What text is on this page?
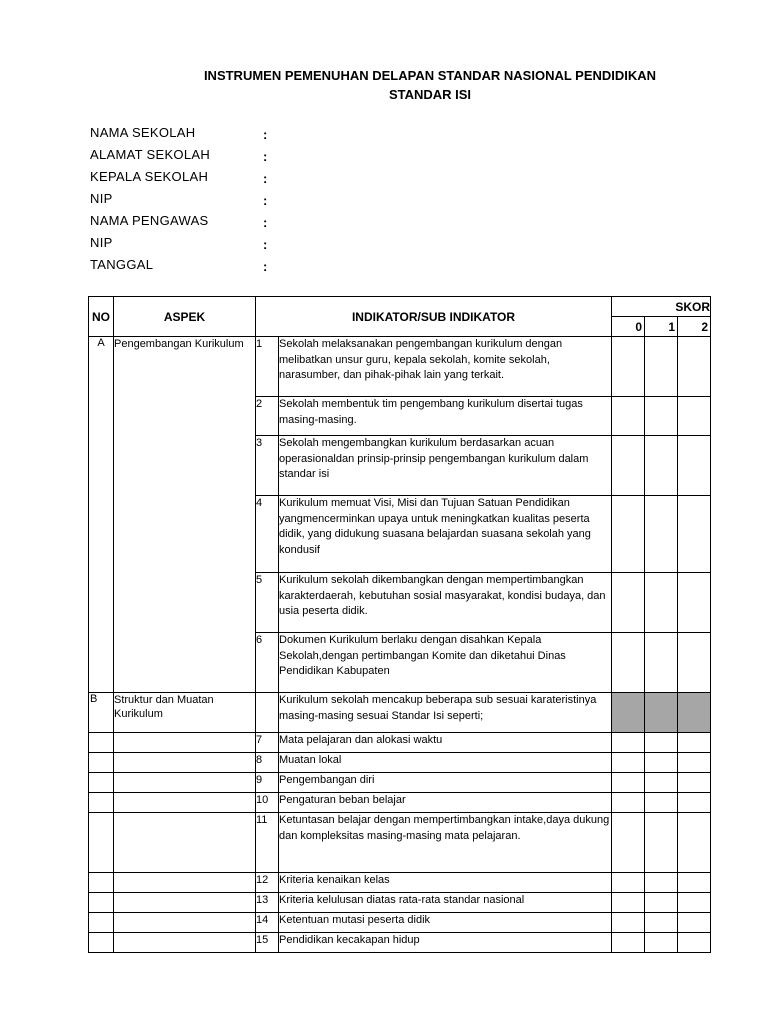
INSTRUMEN PEMENUHAN DELAPAN STANDAR NASIONAL PENDIDIKAN
STANDAR ISI
NAMA SEKOLAH	:
ALAMAT SEKOLAH	:
KEPALA SEKOLAH	:
NIP	:
NAMA PENGAWAS	:
NIP	:
TANGGAL	:
NO	ASPEK	INDIKATOR/SUB INDIKATOR		SKOR		
				0	1	2
A	Pengembangan Kurikulum	1	Sekolah melaksanakan pengembangan kurikulum dengan melibatkan unsur guru, kepala sekolah, komite sekolah, narasumber, dan pihak-pihak lain yang terkait.			
		2	Sekolah membentuk tim pengembang kurikulum disertai tugas masing-masing.			
		3	Sekolah mengembangkan kurikulum berdasarkan acuan operasionaldan prinsip-prinsip pengembangan kurikulum dalam standar isi			
		4	Kurikulum memuat Visi, Misi dan Tujuan Satuan Pendidikan yangmencerminkan upaya untuk meningkatkan kualitas peserta didik, yang didukung suasana belajardan suasana sekolah yang kondusif			
		5	Kurikulum sekolah dikembangkan dengan mempertimbangkan karakterdaerah, kebutuhan sosial masyarakat, kondisi budaya, dan usia peserta didik.			
		6	Dokumen Kurikulum berlaku dengan disahkan Kepala Sekolah,dengan pertimbangan Komite dan diketahui Dinas Pendidikan Kabupaten			
B	Struktur dan Muatan Kurikulum		Kurikulum sekolah mencakup beberapa sub sesuai karateristinya masing-masing sesuai Standar Isi seperti;			
		7	Mata pelajaran dan alokasi waktu			
		8	Muatan lokal			
		9	Pengembangan diri			
		10	Pengaturan beban belajar			
		11	Ketuntasan belajar dengan mempertimbangkan intake,daya dukung dan kompleksitas masing-masing mata pelajaran.			
		12	Kriteria kenaikan kelas			
		13	Kriteria kelulusan diatas rata-rata standar nasional			
		14	Ketentuan mutasi peserta didik			
		15	Pendidikan kecakapan hidup			
